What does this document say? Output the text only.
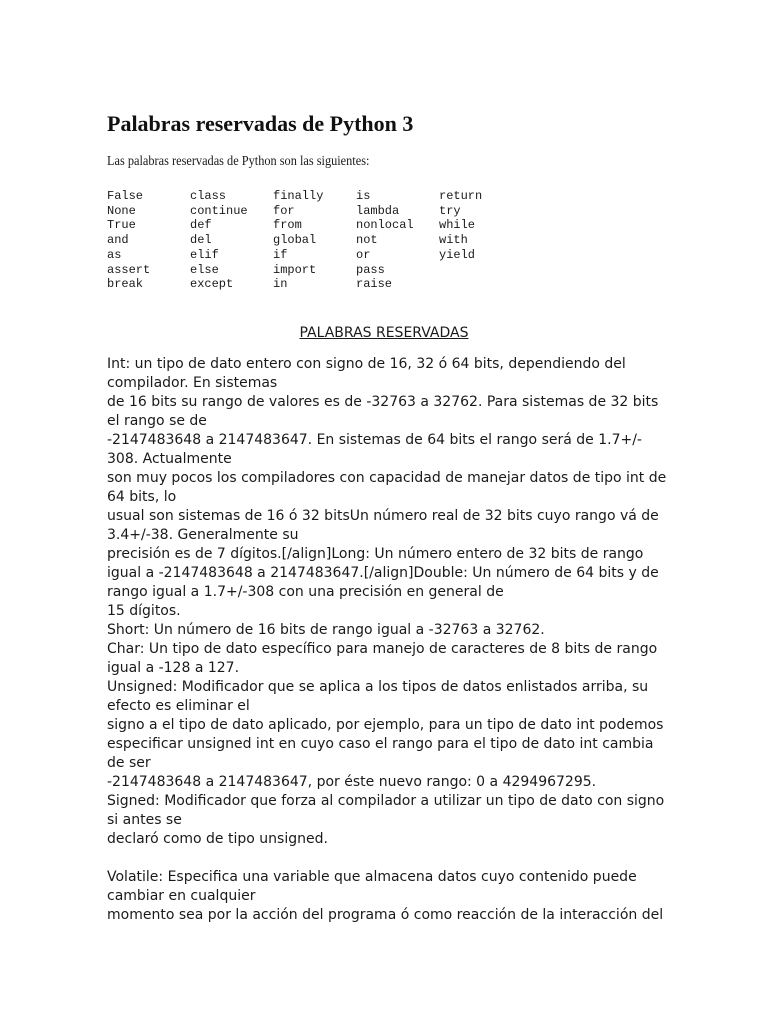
Palabras reservadas de Python 3

Las palabras reservadas de Python son las siguientes:

False	class	finally	is	return
None	continue	for	lambda	try
True	def	from	nonlocal	while
and	del	global	not	with
as	elif	if	or	yield
assert	else	import	pass	
break	except	in	raise	

PALABRAS RESERVADAS

Int: un tipo de dato entero con signo de 16, 32 ó 64 bits, dependiendo del
compilador. En sistemas
de 16 bits su rango de valores es de -32763 a 32762. Para sistemas de 32 bits
el rango se de
-2147483648 a 2147483647. En sistemas de 64 bits el rango será de 1.7+/-
308. Actualmente
son muy pocos los compiladores con capacidad de manejar datos de tipo int de
64 bits, lo
usual son sistemas de 16 ó 32 bitsUn número real de 32 bits cuyo rango vá de
3.4+/-38. Generalmente su
precisión es de 7 dígitos.[/align]Long: Un número entero de 32 bits de rango
igual a -2147483648 a 2147483647.[/align]Double: Un número de 64 bits y de
rango igual a 1.7+/-308 con una precisión en general de
15 dígitos.
Short: Un número de 16 bits de rango igual a -32763 a 32762.
Char: Un tipo de dato específico para manejo de caracteres de 8 bits de rango
igual a -128 a 127.
Unsigned: Modificador que se aplica a los tipos de datos enlistados arriba, su
efecto es eliminar el
signo a el tipo de dato aplicado, por ejemplo, para un tipo de dato int podemos
especificar unsigned int en cuyo caso el rango para el tipo de dato int cambia
de ser
-2147483648 a 2147483647, por éste nuevo rango: 0 a 4294967295.
Signed: Modificador que forza al compilador a utilizar un tipo de dato con signo
si antes se
declaró como de tipo unsigned.
Volatile: Especifica una variable que almacena datos cuyo contenido puede
cambiar en cualquier
momento sea por la acción del programa ó como reacción de la interacción del
